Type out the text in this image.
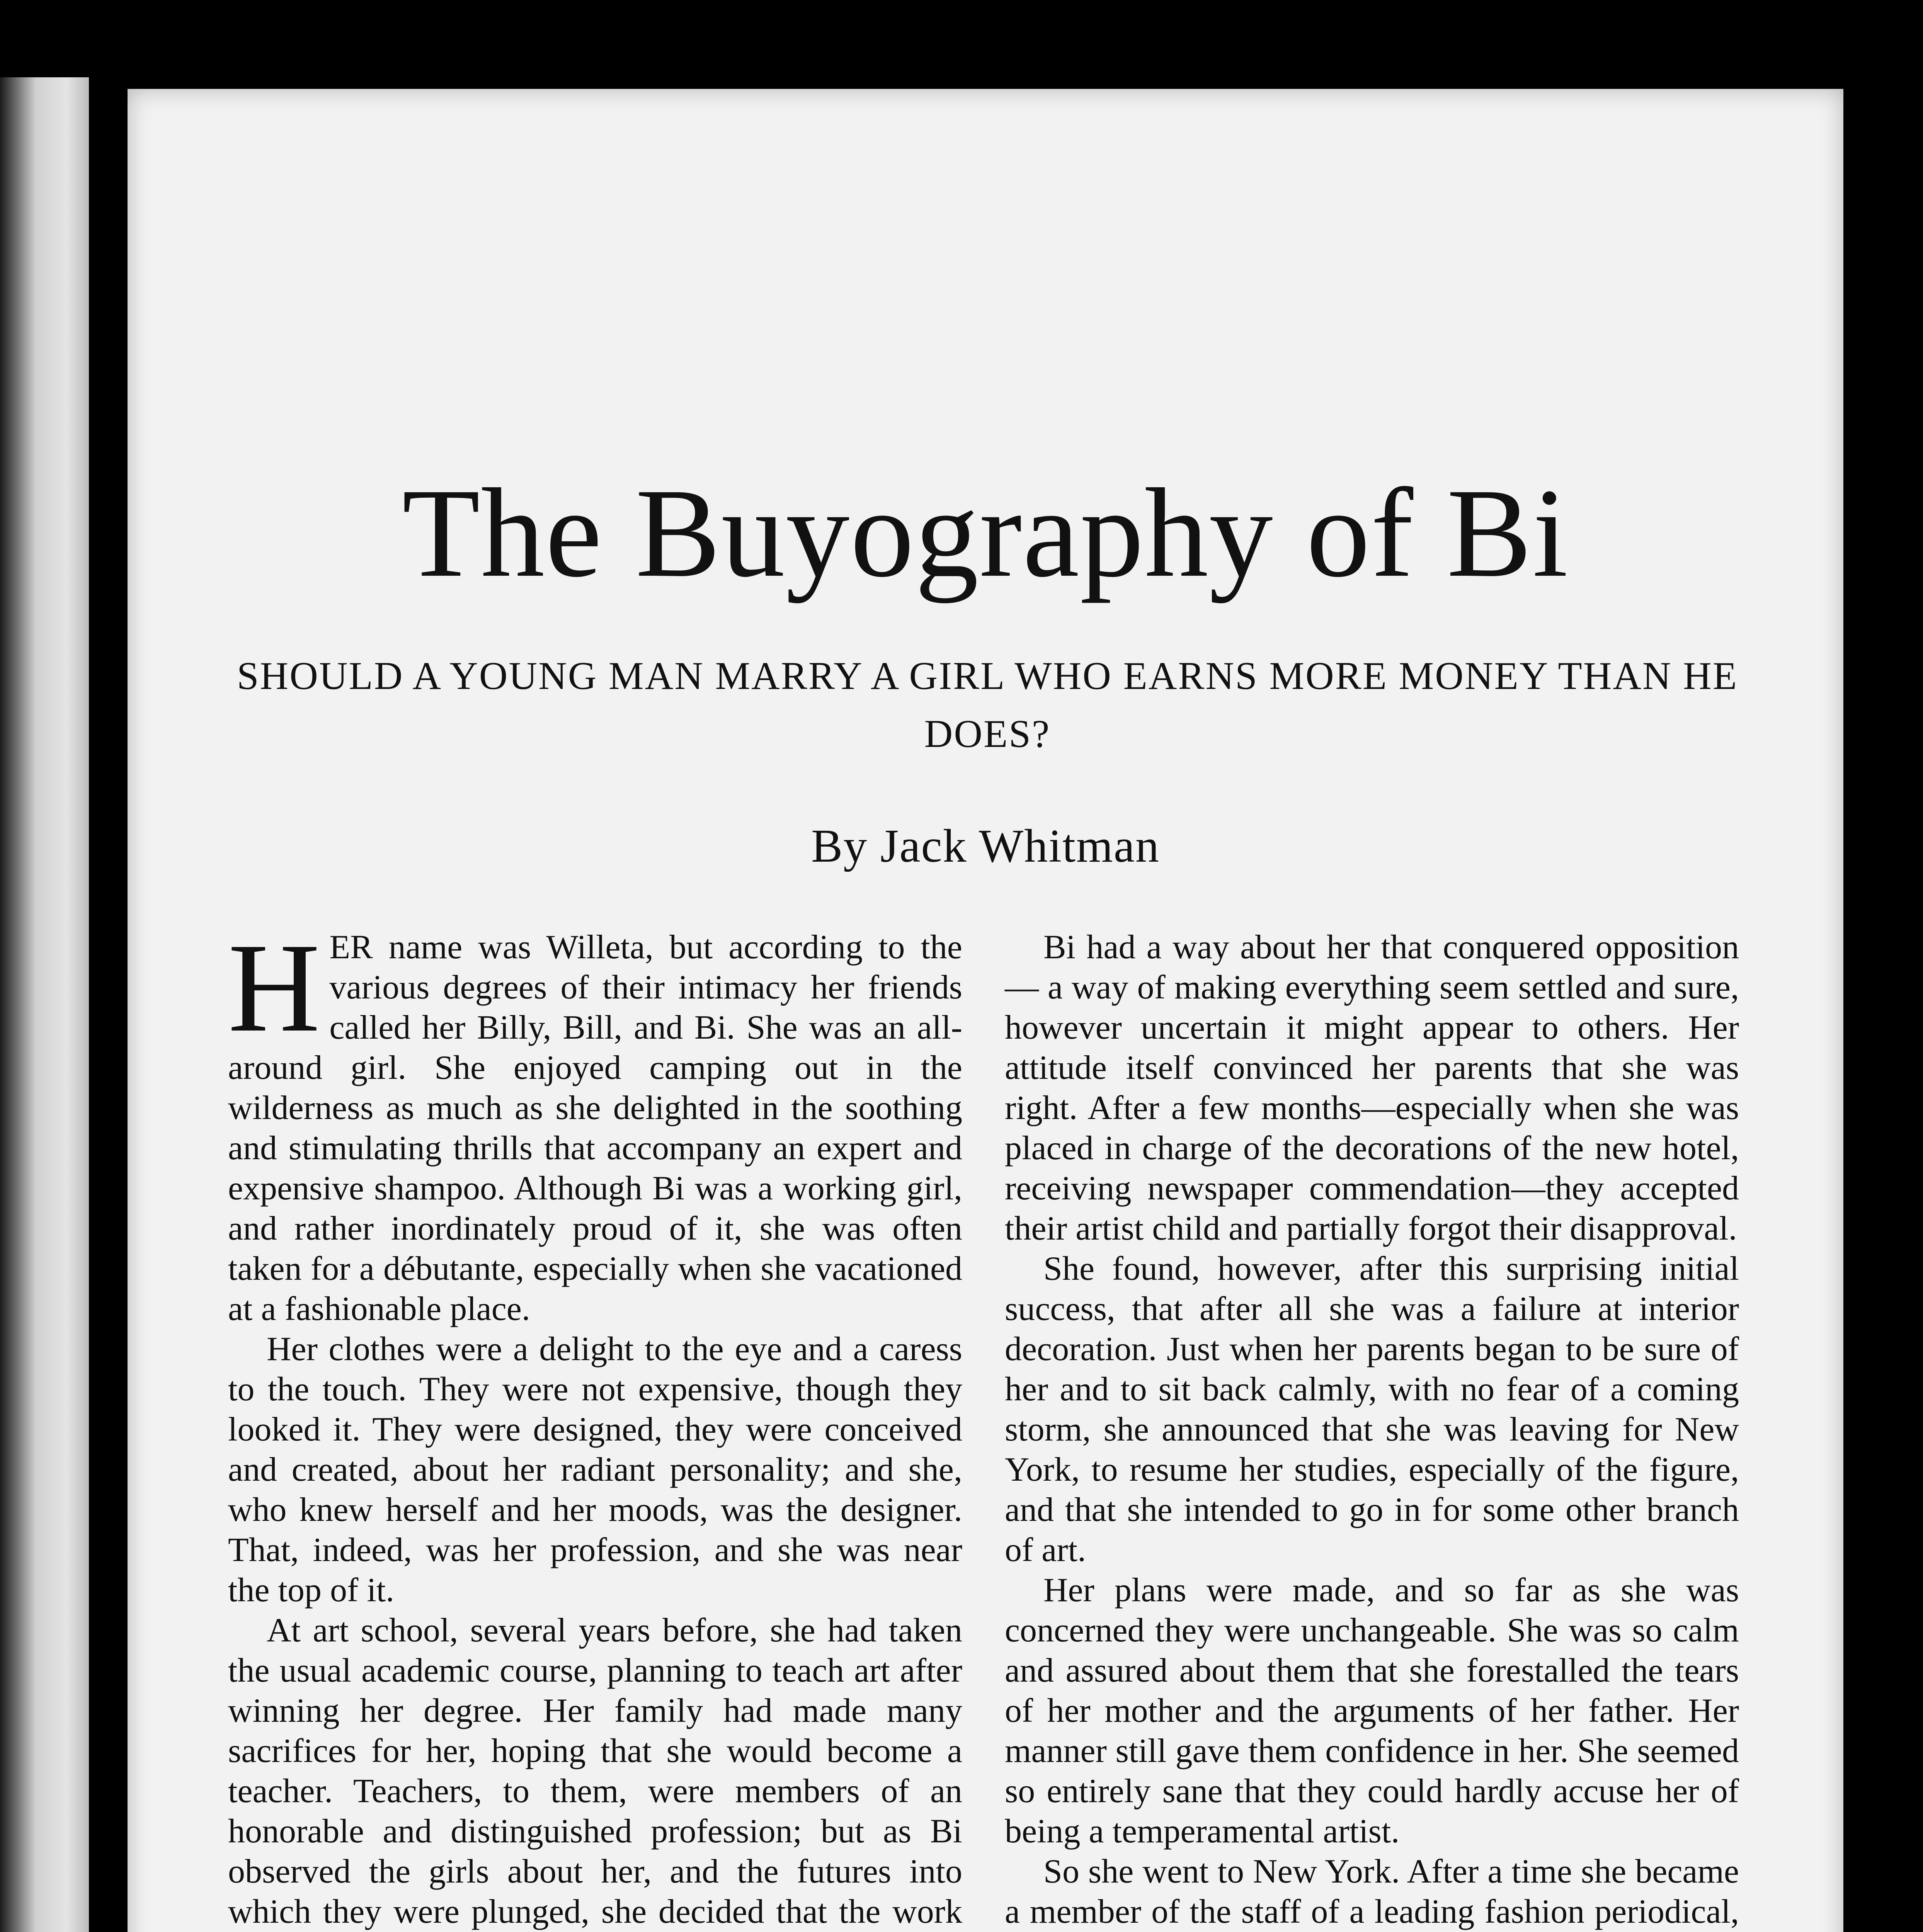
The Buyography of Bi
SHOULD A YOUNG MAN MARRY A GIRL WHO EARNS MORE MONEY THAN HE DOES?
By Jack Whitman

HER name was Willeta, but according to the various degrees of their intimacy her friends called her Billy, Bill, and Bi. She was an all-around girl. She enjoyed camping out in the wilderness as much as she delighted in the soothing and stimulating thrills that accompany an expert and expensive shampoo. Although Bi was a working girl, and rather inordinately proud of it, she was often taken for a débutante, especially when she vacationed at a fashionable place.

Her clothes were a delight to the eye and a caress to the touch. They were not expensive, though they looked it. They were designed, they were conceived and created, about her radiant personality; and she, who knew herself and her moods, was the designer. That, indeed, was her profession, and she was near the top of it.

At art school, several years before, she had taken the usual academic course, planning to teach art after winning her degree. Her family had made many sacrifices for her, hoping that she would become a teacher. Teachers, to them, were members of an honorable and distinguished profession; but as Bi observed the girls about her, and the futures into which they were plunged, she decided that the work

Bi had a way about her that conquered opposition — a way of making everything seem settled and sure, however uncertain it might appear to others. Her attitude itself convinced her parents that she was right. After a few months—especially when she was placed in charge of the decorations of the new hotel, receiving newspaper commendation—they accepted their artist child and partially forgot their disapproval.

She found, however, after this surprising initial success, that after all she was a failure at interior decoration. Just when her parents began to be sure of her and to sit back calmly, with no fear of a coming storm, she announced that she was leaving for New York, to resume her studies, especially of the figure, and that she intended to go in for some other branch of art.

Her plans were made, and so far as she was concerned they were unchangeable. She was so calm and assured about them that she forestalled the tears of her mother and the arguments of her father. Her manner still gave them confidence in her. She seemed so entirely sane that they could hardly accuse her of being a temperamental artist.

So she went to New York. After a time she became a member of the staff of a leading fashion periodical,
